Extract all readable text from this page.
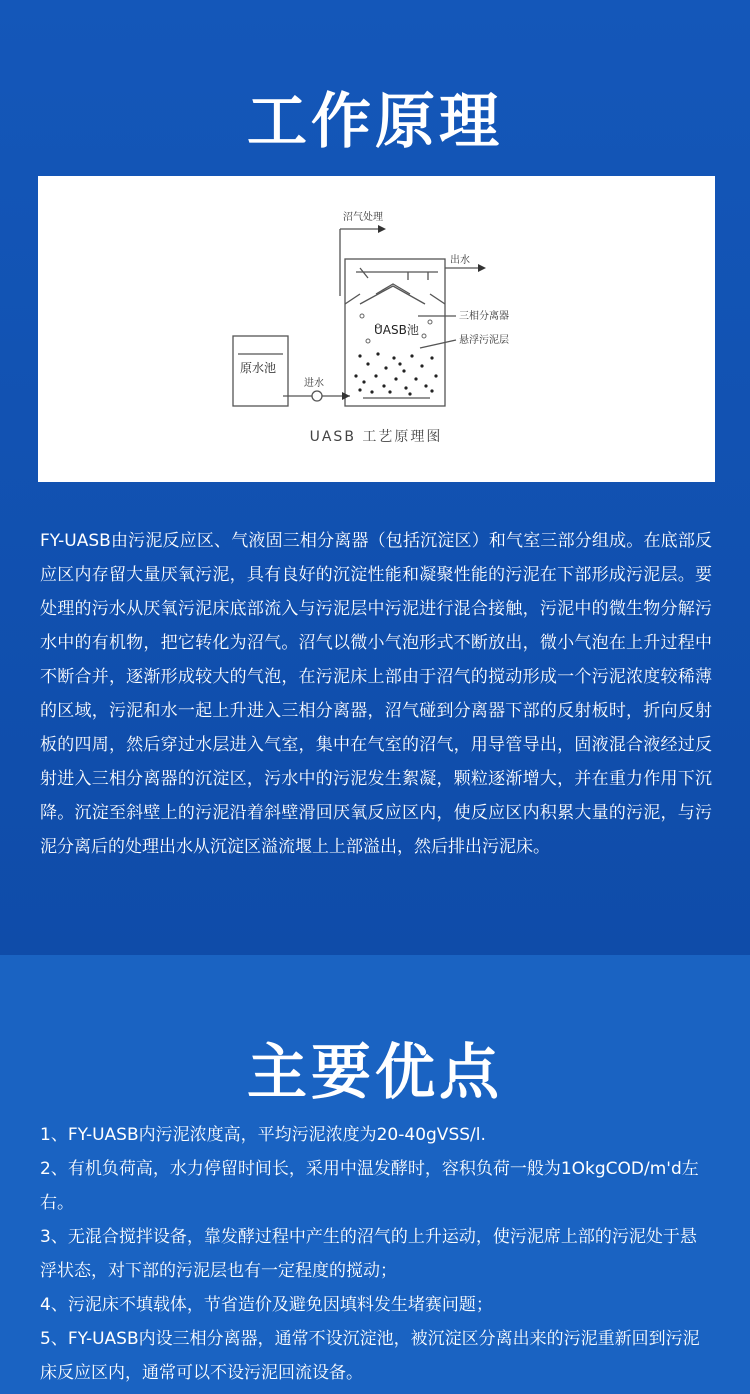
工作原理
沼气处理
出水
三相分离器
UASB池
悬浮污泥层
原水池
进水
UASB 工艺原理图

FY-UASB由污泥反应区、气液固三相分离器（包括沉淀区）和气室三部分组成。在底部反应区内存留大量厌氧污泥，具有良好的沉淀性能和凝聚性能的污泥在下部形成污泥层。要处理的污水从厌氧污泥床底部流入与污泥层中污泥进行混合接触，污泥中的微生物分解污水中的有机物，把它转化为沼气。沼气以微小气泡形式不断放出，微小气泡在上升过程中不断合并，逐渐形成较大的气泡，在污泥床上部由于沼气的搅动形成一个污泥浓度较稀薄的区域，污泥和水一起上升进入三相分离器，沼气碰到分离器下部的反射板时，折向反射板的四周，然后穿过水层进入气室，集中在气室的沼气，用导管导出，固液混合液经过反射进入三相分离器的沉淀区，污水中的污泥发生絮凝，颗粒逐渐增大，并在重力作用下沉降。沉淀至斜壁上的污泥沿着斜壁滑回厌氧反应区内，使反应区内积累大量的污泥，与污泥分离后的处理出水从沉淀区溢流堰上上部溢出，然后排出污泥床。

主要优点
1、FY-UASB内污泥浓度高，平均污泥浓度为20-40gVSS/l.
2、有机负荷高，水力停留时间长，采用中温发酵时，容积负荷一般为1OkgCOD/m'd左右。
3、无混合搅拌设备，靠发酵过程中产生的沼气的上升运动，使污泥席上部的污泥处于悬浮状态，对下部的污泥层也有一定程度的搅动；
4、污泥床不填载体，节省造价及避免因填料发生堵赛问题；
5、FY-UASB内设三相分离器，通常不设沉淀池，被沉淀区分离出来的污泥重新回到污泥床反应区内，通常可以不设污泥回流设备。
